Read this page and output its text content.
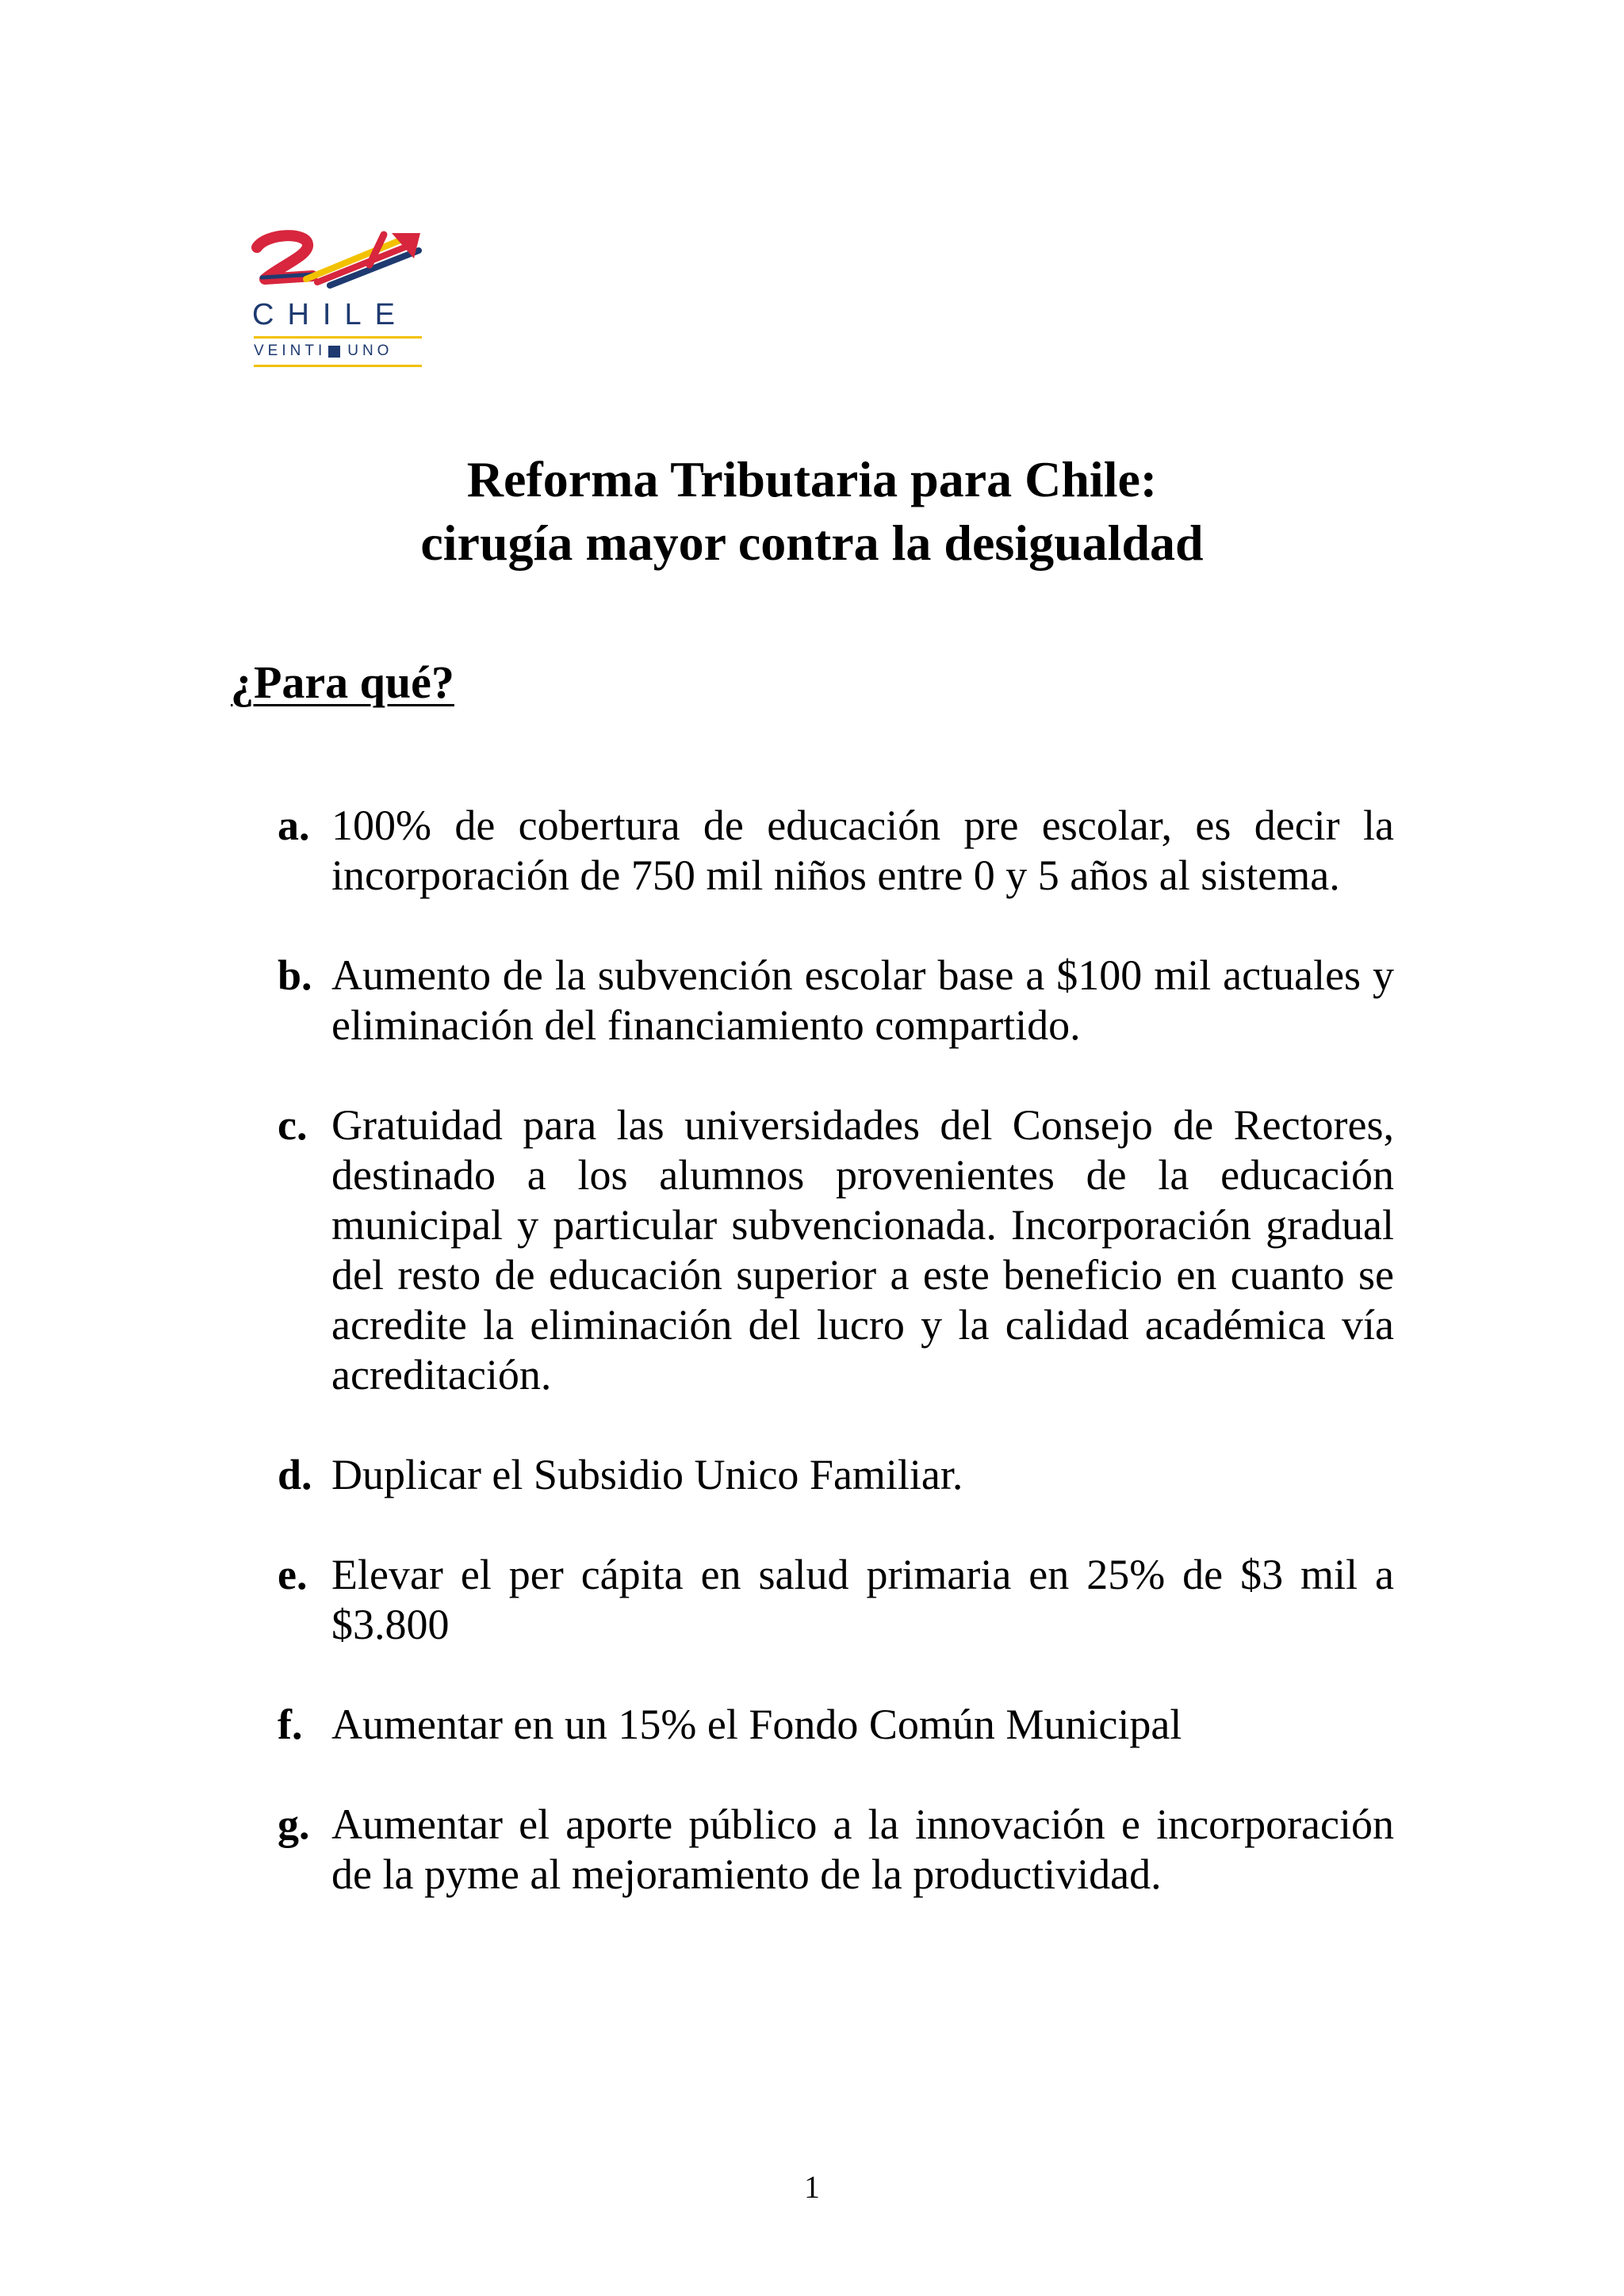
CHILE
VEINTI UNO
Reforma Tributaria para Chile:
cirugía mayor contra la desigualdad
¿Para qué?
a. 100% de cobertura de educación pre escolar, es decir la incorporación de 750 mil niños entre 0 y 5 años al sistema.
b. Aumento de la subvención escolar base a $100 mil actuales y eliminación del financiamiento compartido.
c. Gratuidad para las universidades del Consejo de Rectores, destinado a los alumnos provenientes de la educación municipal y particular subvencionada. Incorporación gradual del resto de educación superior a este beneficio en cuanto se acredite la eliminación del lucro y la calidad académica vía acreditación.
d. Duplicar el Subsidio Unico Familiar.
e. Elevar el per cápita en salud primaria en 25% de $3 mil a $3.800
f. Aumentar en un 15% el Fondo Común Municipal
g. Aumentar el aporte público a la innovación e incorporación de la pyme al mejoramiento de la productividad.
1
